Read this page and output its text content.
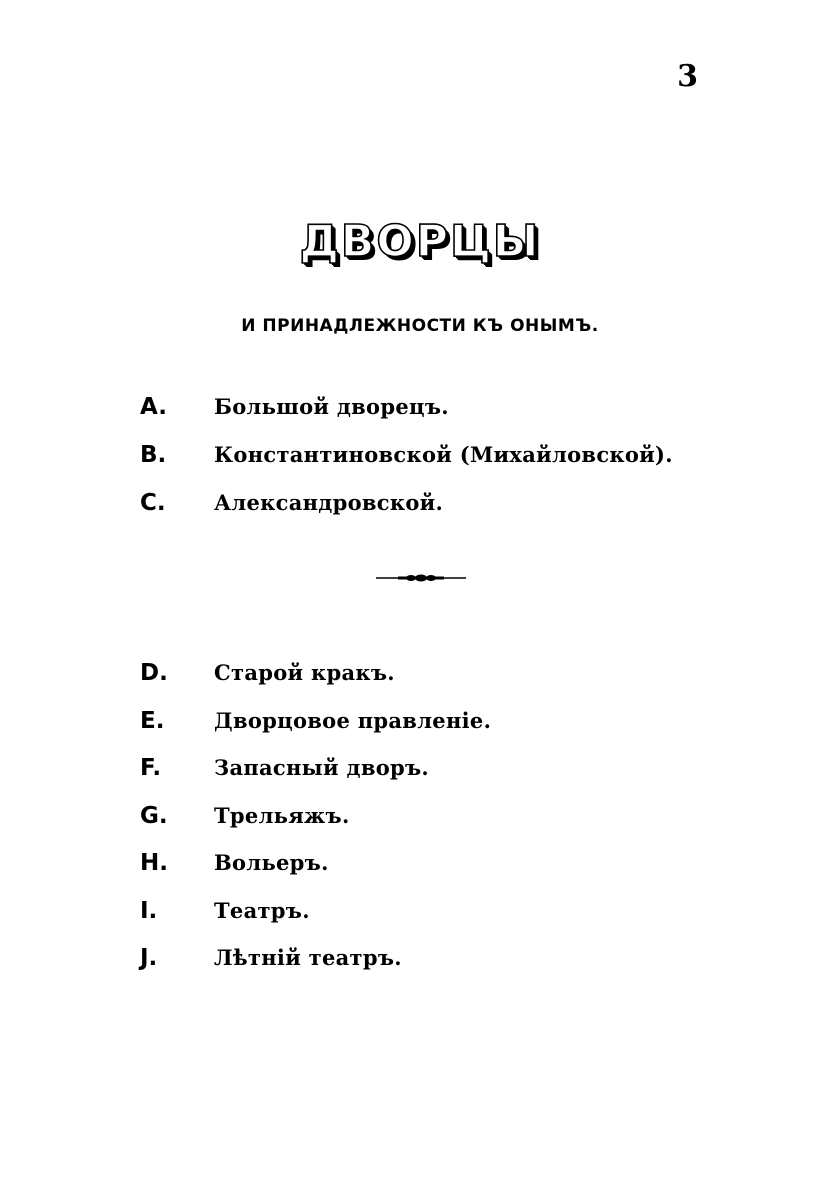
3
ДВОРЦЫ
И ПРИНАДЛЕЖНОСТИ КЪ ОНЫМЪ.
A.	Большой дворецъ.
B.	Константиновской (Михайловской).
C.	Александровской.
D.	Старой кракъ.
E.	Дворцовое правленіе.
F.	Запасный дворъ.
G.	Трельяжъ.
H.	Вольеръ.
I.	Театръ.
J.	Лѣтній театръ.
